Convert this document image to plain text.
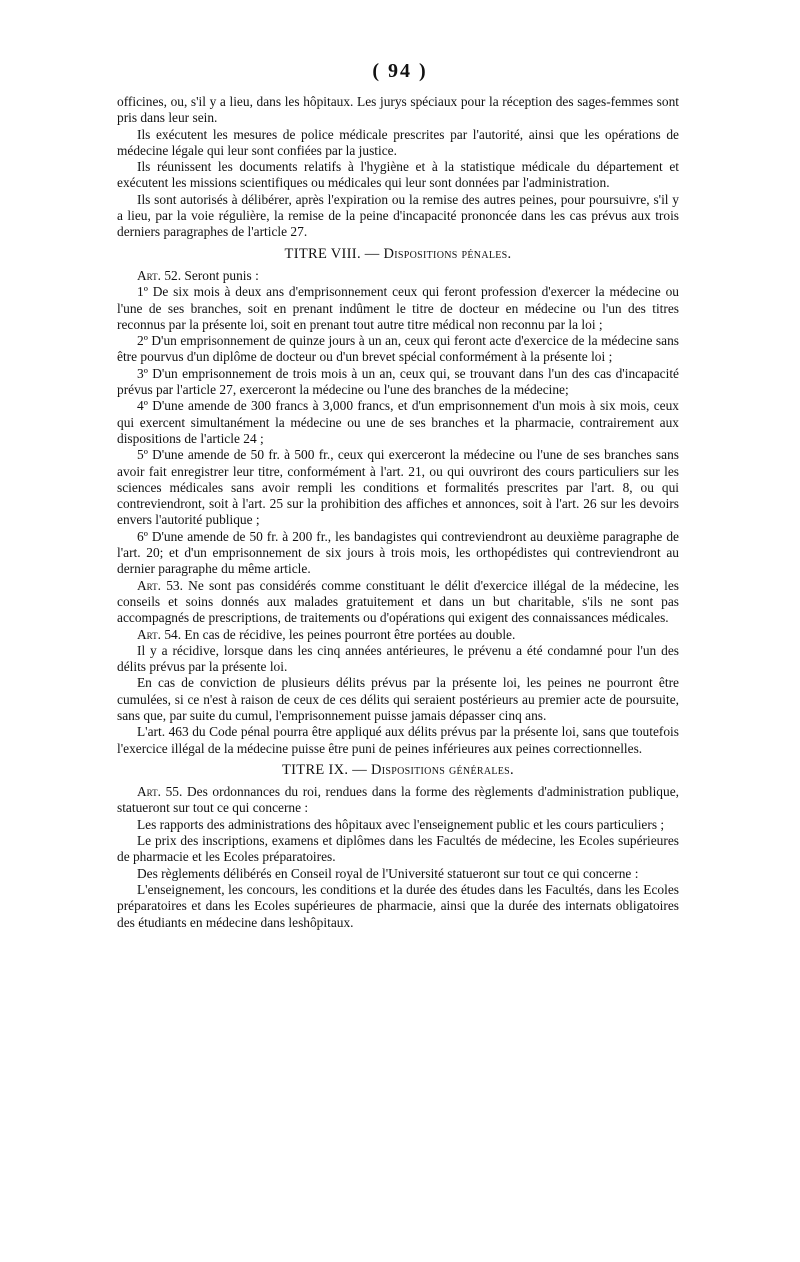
( 94 )

officines, ou, s'il y a lieu, dans les hôpitaux. Les jurys spéciaux pour la réception des sages-femmes sont pris dans leur sein.

Ils exécutent les mesures de police médicale prescrites par l'autorité, ainsi que les opérations de médecine légale qui leur sont confiées par la justice.

Ils réunissent les documents relatifs à l'hygiène et à la statistique médicale du département et exécutent les missions scientifiques ou médicales qui leur sont données par l'administration.

Ils sont autorisés à délibérer, après l'expiration ou la remise des autres peines, pour poursuivre, s'il y a lieu, par la voie régulière, la remise de la peine d'incapacité prononcée dans les cas prévus aux trois derniers paragraphes de l'article 27.

TITRE VIII. — Dispositions pénales.

Art. 52. Seront punis :

1º De six mois à deux ans d'emprisonnement ceux qui feront profession d'exercer la médecine ou l'une de ses branches, soit en prenant indûment le titre de docteur en médecine ou l'un des titres reconnus par la présente loi, soit en prenant tout autre titre médical non reconnu par la loi ;

2º D'un emprisonnement de quinze jours à un an, ceux qui feront acte d'exercice de la médecine sans être pourvus d'un diplôme de docteur ou d'un brevet spécial conformément à la présente loi ;

3º D'un emprisonnement de trois mois à un an, ceux qui, se trouvant dans l'un des cas d'incapacité prévus par l'article 27, exerceront la médecine ou l'une des branches de la médecine;

4º D'une amende de 300 francs à 3,000 francs, et d'un emprisonnement d'un mois à six mois, ceux qui exercent simultanément la médecine ou une de ses branches et la pharmacie, contrairement aux dispositions de l'article 24 ;

5º D'une amende de 50 fr. à 500 fr., ceux qui exerceront la médecine ou l'une de ses branches sans avoir fait enregistrer leur titre, conformément à l'art. 21, ou qui ouvriront des cours particuliers sur les sciences médicales sans avoir rempli les conditions et formalités prescrites par l'art. 8, ou qui contreviendront, soit à l'art. 25 sur la prohibition des affiches et annonces, soit à l'art. 26 sur les devoirs envers l'autorité publique ;

6º D'une amende de 50 fr. à 200 fr., les bandagistes qui contreviendront au deuxième paragraphe de l'art. 20; et d'un emprisonnement de six jours à trois mois, les orthopédistes qui contreviendront au dernier paragraphe du même article.

Art. 53. Ne sont pas considérés comme constituant le délit d'exercice illégal de la médecine, les conseils et soins donnés aux malades gratuitement et dans un but charitable, s'ils ne sont pas accompagnés de prescriptions, de traitements ou d'opérations qui exigent des connaissances médicales.

Art. 54. En cas de récidive, les peines pourront être portées au double.

Il y a récidive, lorsque dans les cinq années antérieures, le prévenu a été condamné pour l'un des délits prévus par la présente loi.

En cas de conviction de plusieurs délits prévus par la présente loi, les peines ne pourront être cumulées, si ce n'est à raison de ceux de ces délits qui seraient postérieurs au premier acte de poursuite, sans que, par suite du cumul, l'emprisonnement puisse jamais dépasser cinq ans.

L'art. 463 du Code pénal pourra être appliqué aux délits prévus par la présente loi, sans que toutefois l'exercice illégal de la médecine puisse être puni de peines inférieures aux peines correctionnelles.

TITRE IX. — Dispositions générales.

Art. 55. Des ordonnances du roi, rendues dans la forme des règlements d'administration publique, statueront sur tout ce qui concerne :

Les rapports des administrations des hôpitaux avec l'enseignement public et les cours particuliers ;

Le prix des inscriptions, examens et diplômes dans les Facultés de médecine, les Ecoles supérieures de pharmacie et les Ecoles préparatoires.

Des règlements délibérés en Conseil royal de l'Université statueront sur tout ce qui concerne :

L'enseignement, les concours, les conditions et la durée des études dans les Facultés, dans les Ecoles préparatoires et dans les Ecoles supérieures de pharmacie, ainsi que la durée des internats obligatoires des étudiants en médecine dans leshôpitaux.
